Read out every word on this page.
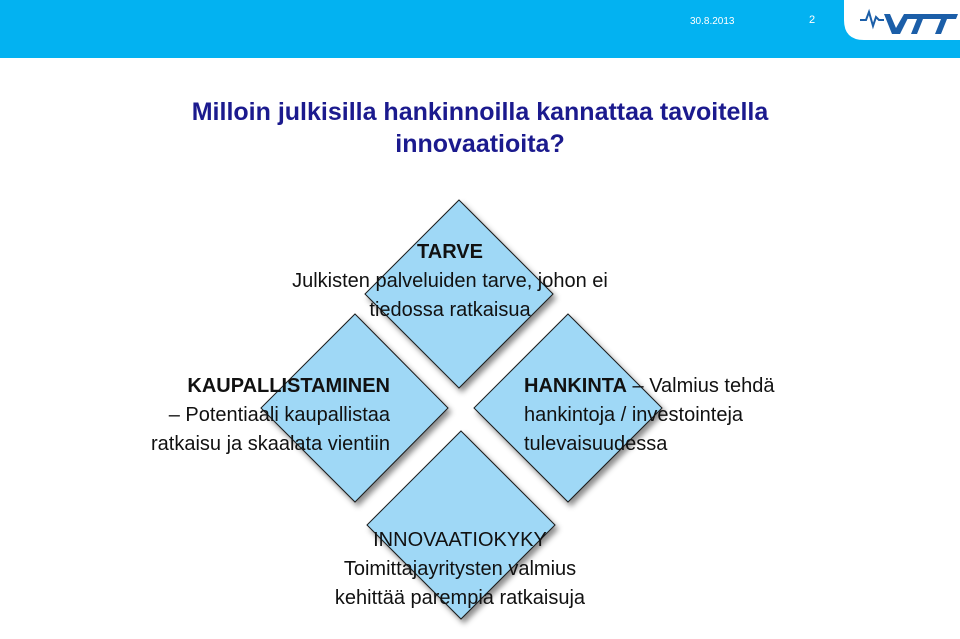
30.8.2013	2
Milloin julkisilla hankinnoilla kannattaa tavoitella
innovaatioita?
TARVE
Julkisten palveluiden tarve, johon ei
tiedossa ratkaisua
KAUPALLISTAMINEN
– Potentiaali kaupallistaa
ratkaisu ja skaalata vientiin
HANKINTA – Valmius tehdä
hankintoja / investointeja
tulevaisuudessa
INNOVAATIOKYKY
Toimittajayritysten valmius
kehittää parempia ratkaisuja
